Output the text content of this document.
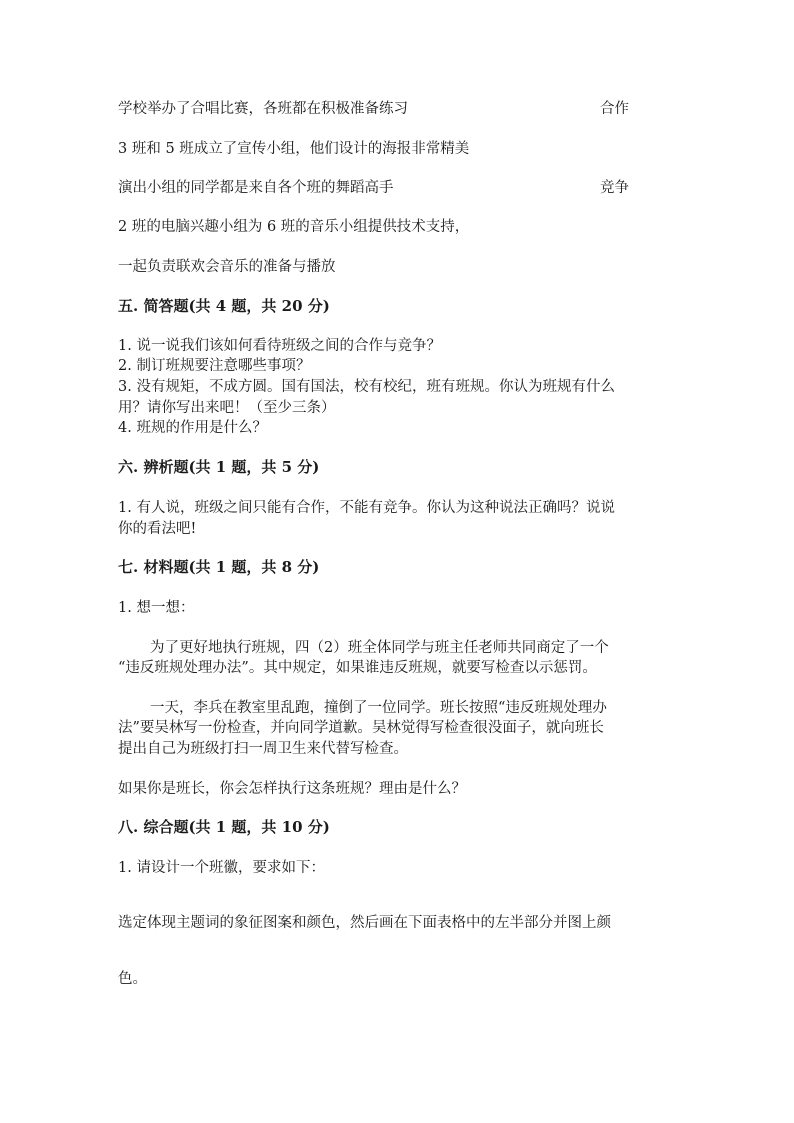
学校举办了合唱比赛，各班都在积极准备练习	合作
3 班和 5 班成立了宣传小组，他们设计的海报非常精美
演出小组的同学都是来自各个班的舞蹈高手	竞争
2 班的电脑兴趣小组为 6 班的音乐小组提供技术支持，
一起负责联欢会音乐的准备与播放
五. 简答题(共 4 题，共 20 分)
1. 说一说我们该如何看待班级之间的合作与竞争？
2. 制订班规要注意哪些事项？
3. 没有规矩，不成方圆。国有国法，校有校纪，班有班规。你认为班规有什么
用？请你写出来吧！（至少三条）
4. 班规的作用是什么？
六. 辨析题(共 1 题，共 5 分)
1. 有人说，班级之间只能有合作，不能有竞争。你认为这种说法正确吗？说说
你的看法吧!
七. 材料题(共 1 题，共 8 分)
1. 想一想：
为了更好地执行班规，四（2）班全体同学与班主任老师共同商定了一个
“违反班规处理办法”。其中规定，如果谁违反班规，就要写检查以示惩罚。
一天，李兵在教室里乱跑，撞倒了一位同学。班长按照“违反班规处理办
法”要吴林写一份检查，并向同学道歉。吴林觉得写检查很没面子，就向班长
提出自己为班级打扫一周卫生来代替写检查。
如果你是班长，你会怎样执行这条班规？理由是什么？
八. 综合题(共 1 题，共 10 分)
1. 请设计一个班徽，要求如下：
选定体现主题词的象征图案和颜色，然后画在下面表格中的左半部分并图上颜
色。
